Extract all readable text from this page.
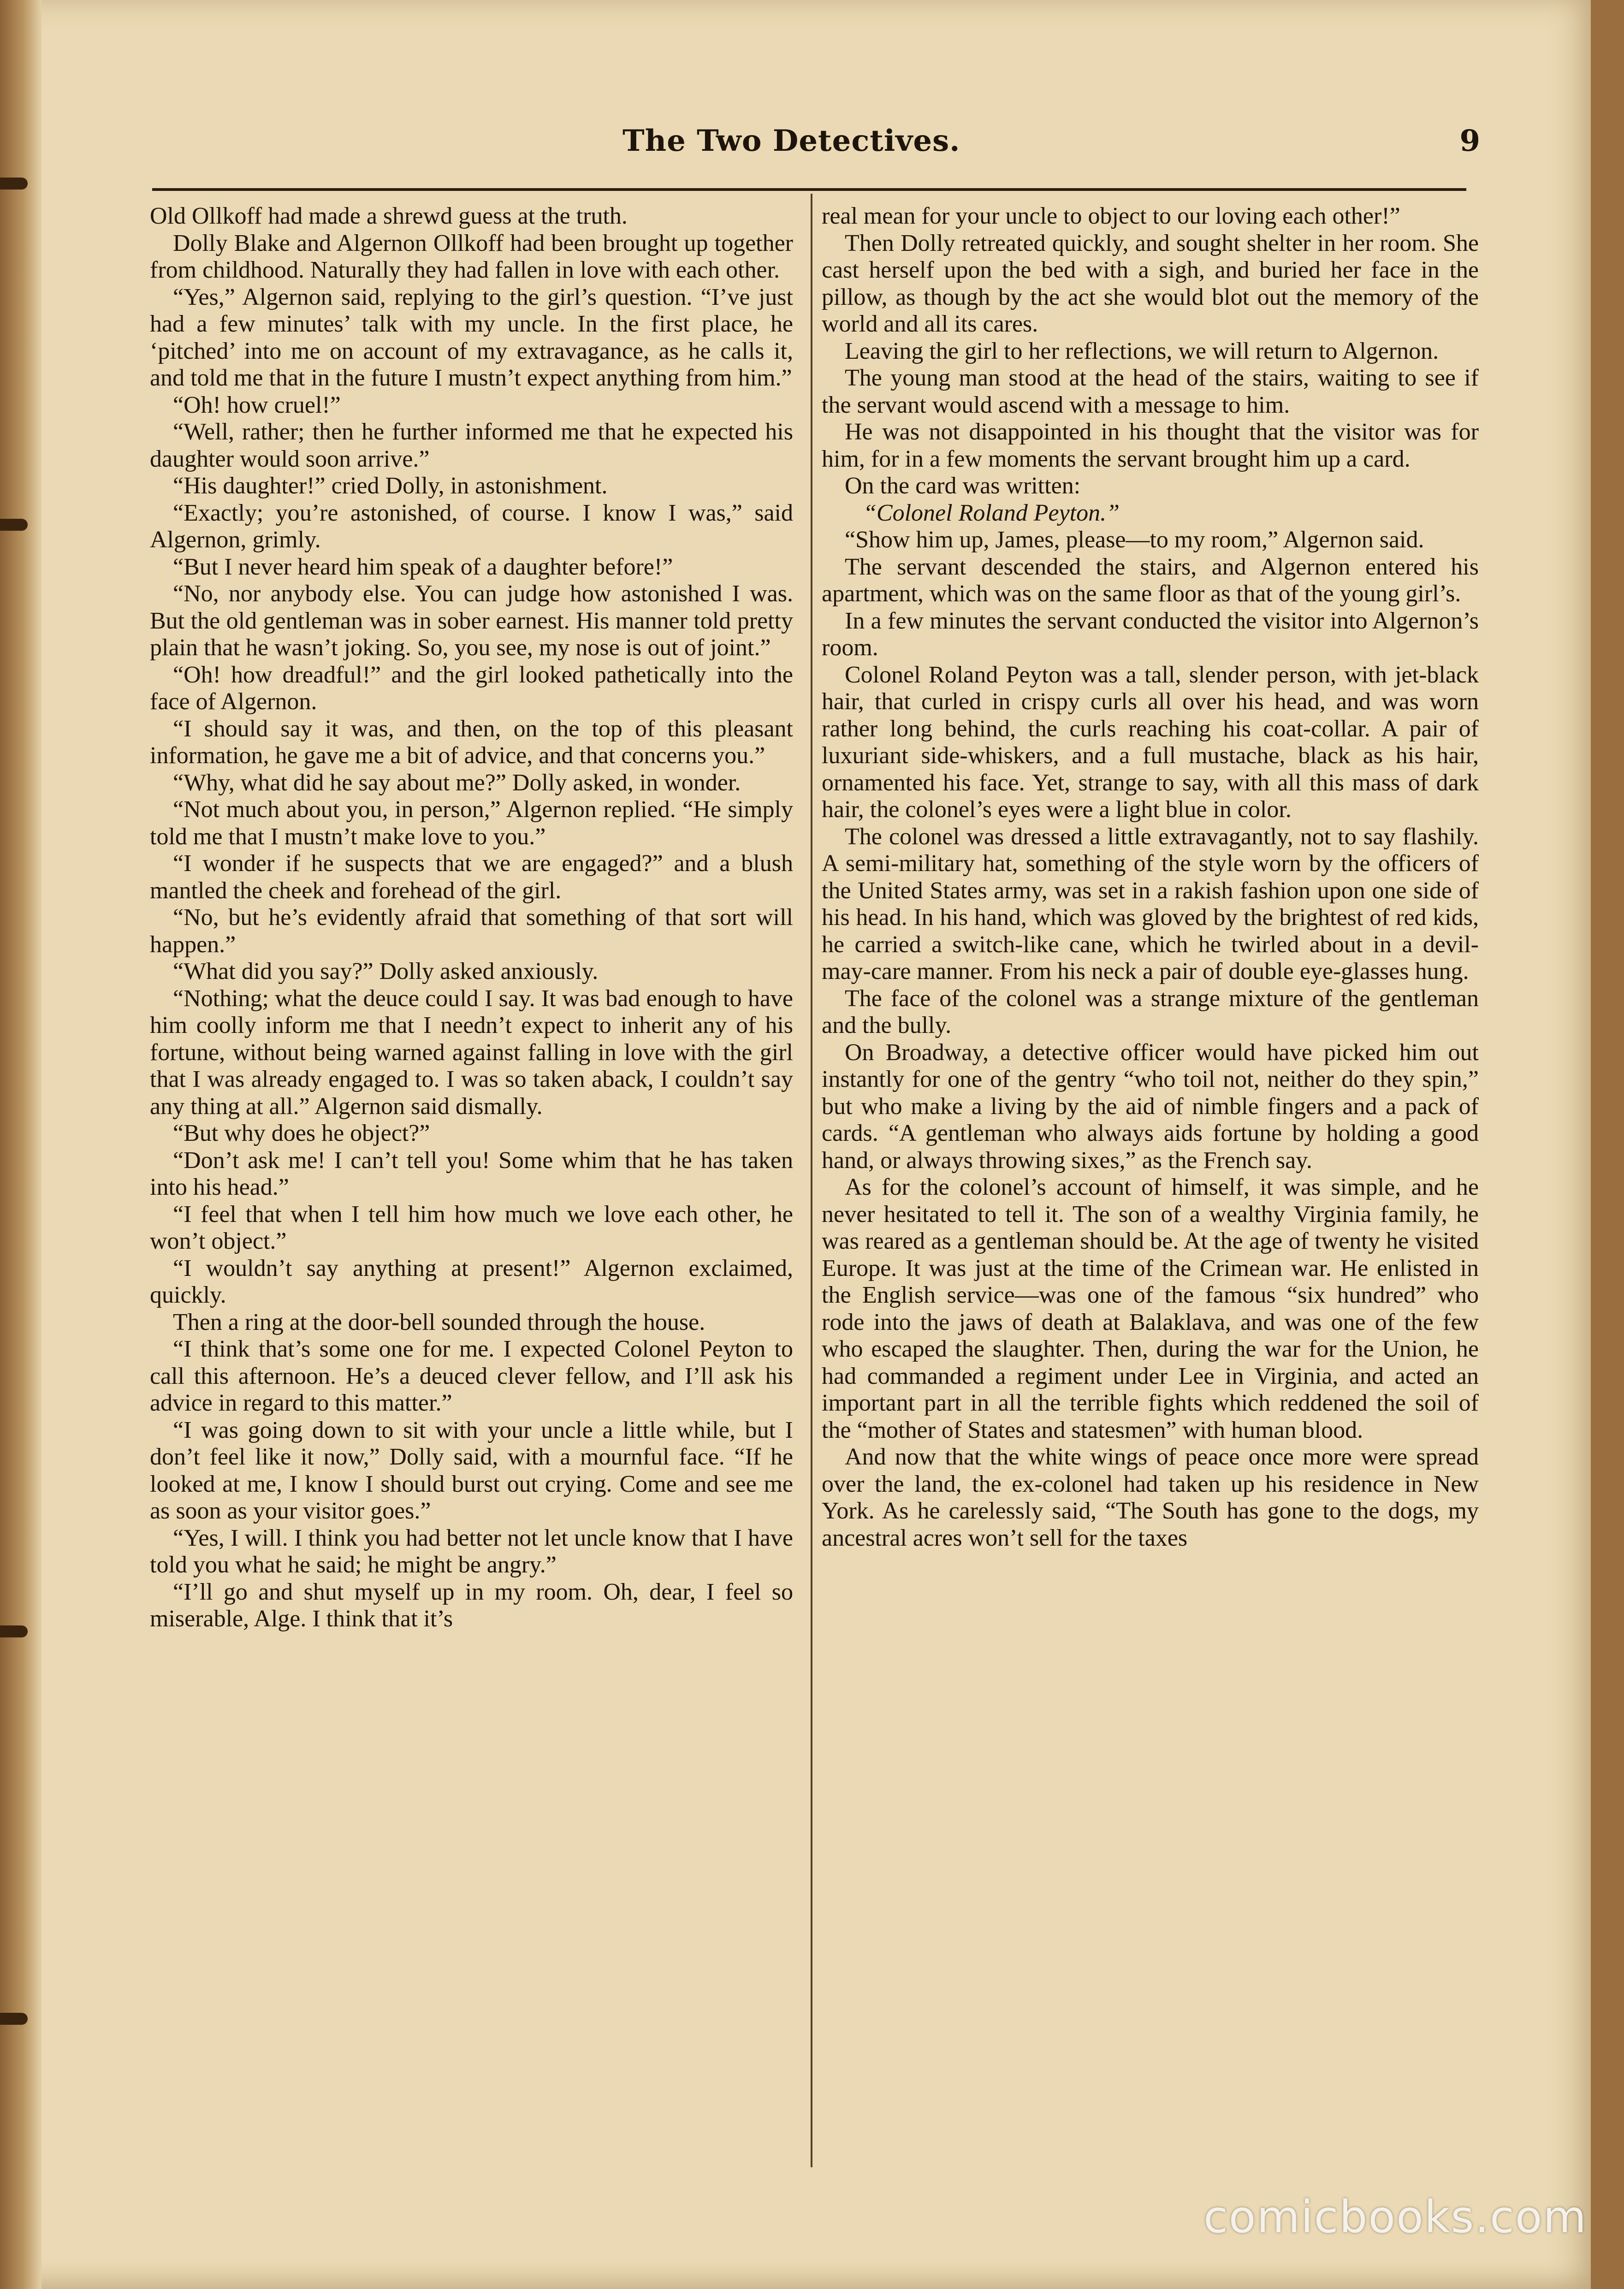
The Two Detectives.	9

Old Ollkoff had made a shrewd guess at the truth.

Dolly Blake and Algernon Ollkoff had been brought up together from childhood. Naturally they had fallen in love with each other.

“Yes,” Algernon said, replying to the girl’s question. “I’ve just had a few minutes’ talk with my uncle. In the first place, he ‘pitched’ into me on account of my extravagance, as he calls it, and told me that in the future I mustn’t expect anything from him.”

“Oh! how cruel!”

“Well, rather; then he further informed me that he expected his daughter would soon arrive.”

“His daughter!” cried Dolly, in astonishment.

“Exactly; you’re astonished, of course. I know I was,” said Algernon, grimly.

“But I never heard him speak of a daughter before!”

“No, nor anybody else. You can judge how astonished I was. But the old gentleman was in sober earnest. His manner told pretty plain that he wasn’t joking. So, you see, my nose is out of joint.”

“Oh! how dreadful!” and the girl looked pathetically into the face of Algernon.

“I should say it was, and then, on the top of this pleasant information, he gave me a bit of advice, and that concerns you.”

“Why, what did he say about me?” Dolly asked, in wonder.

“Not much about you, in person,” Algernon replied. “He simply told me that I mustn’t make love to you.”

“I wonder if he suspects that we are engaged?” and a blush mantled the cheek and forehead of the girl.

“No, but he’s evidently afraid that something of that sort will happen.”

“What did you say?” Dolly asked anxiously.

“Nothing; what the deuce could I say. It was bad enough to have him coolly inform me that I needn’t expect to inherit any of his fortune, without being warned against falling in love with the girl that I was already engaged to. I was so taken aback, I couldn’t say any thing at all.” Algernon said dismally.

“But why does he object?”

“Don’t ask me! I can’t tell you! Some whim that he has taken into his head.”

“I feel that when I tell him how much we love each other, he won’t object.”

“I wouldn’t say anything at present!” Algernon exclaimed, quickly.

Then a ring at the door-bell sounded through the house.

“I think that’s some one for me. I expected Colonel Peyton to call this afternoon. He’s a deuced clever fellow, and I’ll ask his advice in regard to this matter.”

“I was going down to sit with your uncle a little while, but I don’t feel like it now,” Dolly said, with a mournful face. “If he looked at me, I know I should burst out crying. Come and see me as soon as your visitor goes.”

“Yes, I will. I think you had better not let uncle know that I have told you what he said; he might be angry.”

“I’ll go and shut myself up in my room. Oh, dear, I feel so miserable, Alge. I think that it’s

real mean for your uncle to object to our loving each other!”

Then Dolly retreated quickly, and sought shelter in her room. She cast herself upon the bed with a sigh, and buried her face in the pillow, as though by the act she would blot out the memory of the world and all its cares.

Leaving the girl to her reflections, we will return to Algernon.

The young man stood at the head of the stairs, waiting to see if the servant would ascend with a message to him.

He was not disappointed in his thought that the visitor was for him, for in a few moments the servant brought him up a card.

On the card was written:

“Colonel Roland Peyton.”

“Show him up, James, please—to my room,” Algernon said.

The servant descended the stairs, and Algernon entered his apartment, which was on the same floor as that of the young girl’s.

In a few minutes the servant conducted the visitor into Algernon’s room.

Colonel Roland Peyton was a tall, slender person, with jet-black hair, that curled in crispy curls all over his head, and was worn rather long behind, the curls reaching his coat-collar. A pair of luxuriant side-whiskers, and a full mustache, black as his hair, ornamented his face. Yet, strange to say, with all this mass of dark hair, the colonel’s eyes were a light blue in color.

The colonel was dressed a little extravagantly, not to say flashily. A semi-military hat, something of the style worn by the officers of the United States army, was set in a rakish fashion upon one side of his head. In his hand, which was gloved by the brightest of red kids, he carried a switch-like cane, which he twirled about in a devil-may-care manner. From his neck a pair of double eye-glasses hung.

The face of the colonel was a strange mixture of the gentleman and the bully.

On Broadway, a detective officer would have picked him out instantly for one of the gentry “who toil not, neither do they spin,” but who make a living by the aid of nimble fingers and a pack of cards. “A gentleman who always aids fortune by holding a good hand, or always throwing sixes,” as the French say.

As for the colonel’s account of himself, it was simple, and he never hesitated to tell it. The son of a wealthy Virginia family, he was reared as a gentleman should be. At the age of twenty he visited Europe. It was just at the time of the Crimean war. He enlisted in the English service—was one of the famous “six hundred” who rode into the jaws of death at Balaklava, and was one of the few who escaped the slaughter. Then, during the war for the Union, he had commanded a regiment under Lee in Virginia, and acted an important part in all the terrible fights which reddened the soil of the “mother of States and statesmen” with human blood.

And now that the white wings of peace once more were spread over the land, the ex-colonel had taken up his residence in New York. As he carelessly said, “The South has gone to the dogs, my ancestral acres won’t sell for the taxes

comicbooks.com
